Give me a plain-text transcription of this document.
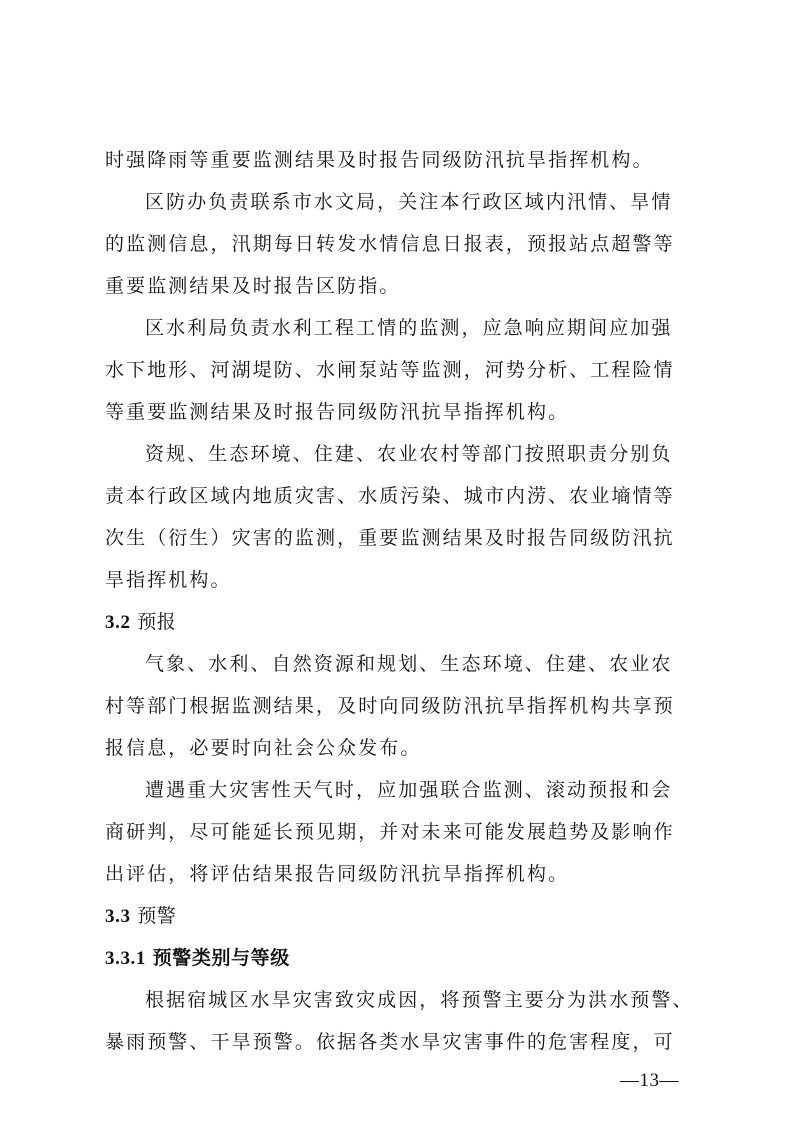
时强降雨等重要监测结果及时报告同级防汛抗旱指挥机构。
区防办负责联系市水文局，关注本行政区域内汛情、旱情
的监测信息，汛期每日转发水情信息日报表，预报站点超警等
重要监测结果及时报告区防指。
区水利局负责水利工程工情的监测，应急响应期间应加强
水下地形、河湖堤防、水闸泵站等监测，河势分析、工程险情
等重要监测结果及时报告同级防汛抗旱指挥机构。
资规、生态环境、住建、农业农村等部门按照职责分别负
责本行政区域内地质灾害、水质污染、城市内涝、农业墒情等
次生（衍生）灾害的监测，重要监测结果及时报告同级防汛抗
旱指挥机构。
3.2 预报
气象、水利、自然资源和规划、生态环境、住建、农业农
村等部门根据监测结果，及时向同级防汛抗旱指挥机构共享预
报信息，必要时向社会公众发布。
遭遇重大灾害性天气时，应加强联合监测、滚动预报和会
商研判，尽可能延长预见期，并对未来可能发展趋势及影响作
出评估，将评估结果报告同级防汛抗旱指挥机构。
3.3 预警
3.3.1 预警类别与等级
根据宿城区水旱灾害致灾成因，将预警主要分为洪水预警、
暴雨预警、干旱预警。依据各类水旱灾害事件的危害程度，可
—13—
